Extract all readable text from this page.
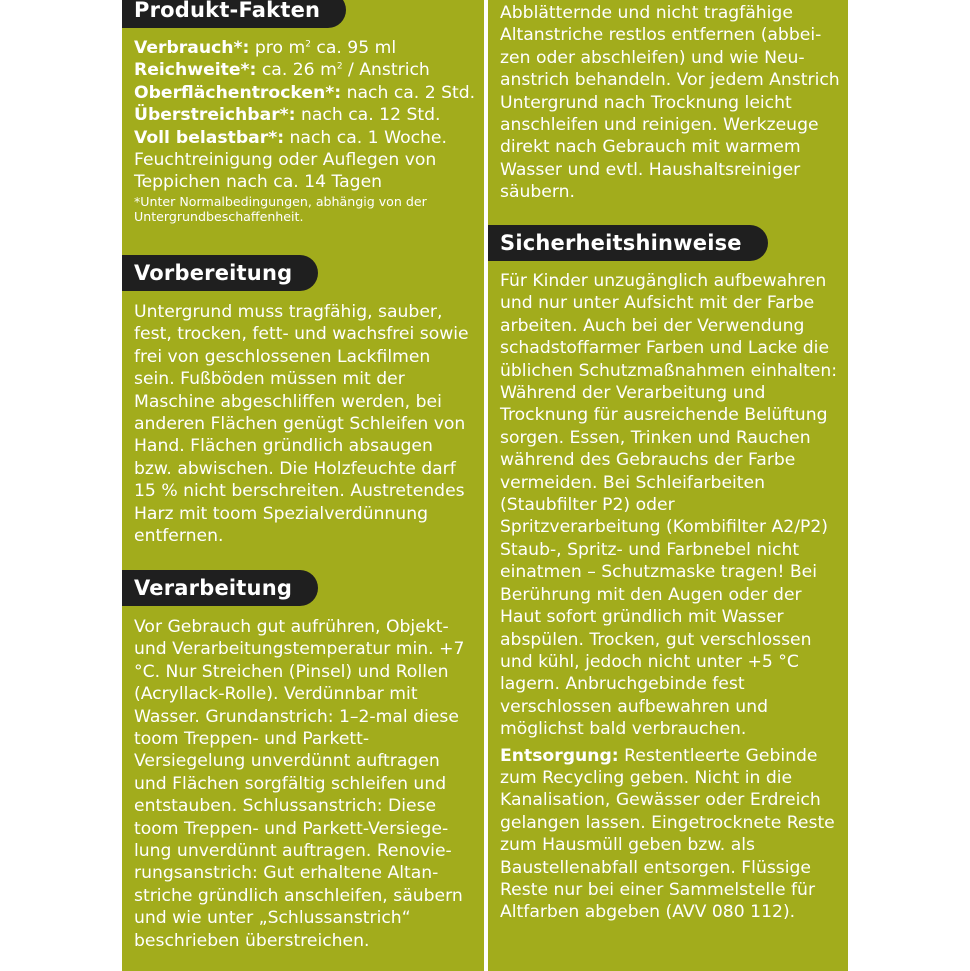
Produkt-Fakten

Verbrauch*: pro $m^2$ ca. 95 ml

Reichweite*: ca. 26 $m^2$ / Anstrich

Oberflächentrocken*: nach ca. 2 Std.

Überstreichbar*: nach ca. 12 Std.

Voll belastbar*: nach ca. 1 Woche.

Feuchtreinigung oder Auflegen von Teppichen nach ca. 14 Tagen

*Unter Normalbedingungen, abhängig von der Untergrundbeschaffenheit.

Vorbereitung

Untergrund muss tragfähig, sauber, fest, trocken, fett- und wachsfrei sowie frei von geschlossenen Lackfilmen sein. Fußböden müssen mit der Maschine abgeschliffen werden, bei anderen Flächen genügt Schleifen von Hand. Flächen gründlich absaugen bzw. abwischen. Die Holzfeuchte darf 15 % nicht berschreiten. Austretendes Harz mit toom Spezialverdünnung entfernen.

Verarbeitung

Vor Gebrauch gut aufrühren, Objekt- und Verarbeitungstemperatur min. +7 °C. Nur Streichen (Pinsel) und Rollen (Acryllack-Rolle). Verdünnbar mit Wasser. Grundanstrich: 1–2-mal diese toom Treppen- und Parkett-Versiegelung unverdünnt auftragen und Flächen sorgfältig schleifen und entstauben. Schlussanstrich: Diese toom Treppen- und Parkett-Versiegelung unverdünnt auftragen. Renovierungsanstrich: Gut erhaltene Altanstriche gründlich anschleifen, säubern und wie unter „Schlussanstrich“ beschrieben überstreichen.

Abblätternde und nicht tragfähige Altanstriche restlos entfernen (abbeizen oder abschleifen) und wie Neuanstrich behandeln. Vor jedem Anstrich Untergrund nach Trocknung leicht anschleifen und reinigen. Werkzeuge direkt nach Gebrauch mit warmem Wasser und evtl. Haushaltsreiniger säubern.

Sicherheitshinweise

Für Kinder unzugänglich aufbewahren und nur unter Aufsicht mit der Farbe arbeiten. Auch bei der Verwendung schadstoffarmer Farben und Lacke die üblichen Schutzmaßnahmen einhalten: Während der Verarbeitung und Trocknung für ausreichende Belüftung sorgen. Essen, Trinken und Rauchen während des Gebrauchs der Farbe vermeiden. Bei Schleifarbeiten (Staubfilter P2) oder Spritzverarbeitung (Kombifilter A2/P2) Staub-, Spritz- und Farbnebel nicht einatmen – Schutzmaske tragen! Bei Berührung mit den Augen oder der Haut sofort gründlich mit Wasser abspülen. Trocken, gut verschlossen und kühl, jedoch nicht unter +5 °C lagern. Anbruchgebinde fest verschlossen aufbewahren und möglichst bald verbrauchen.

Entsorgung: Restentleerte Gebinde zum Recycling geben. Nicht in die Kanalisation, Gewässer oder Erdreich gelangen lassen. Eingetrocknete Reste zum Hausmüll geben bzw. als Baustellenabfall entsorgen. Flüssige Reste nur bei einer Sammelstelle für Altfarben abgeben (AVV 080 112).
